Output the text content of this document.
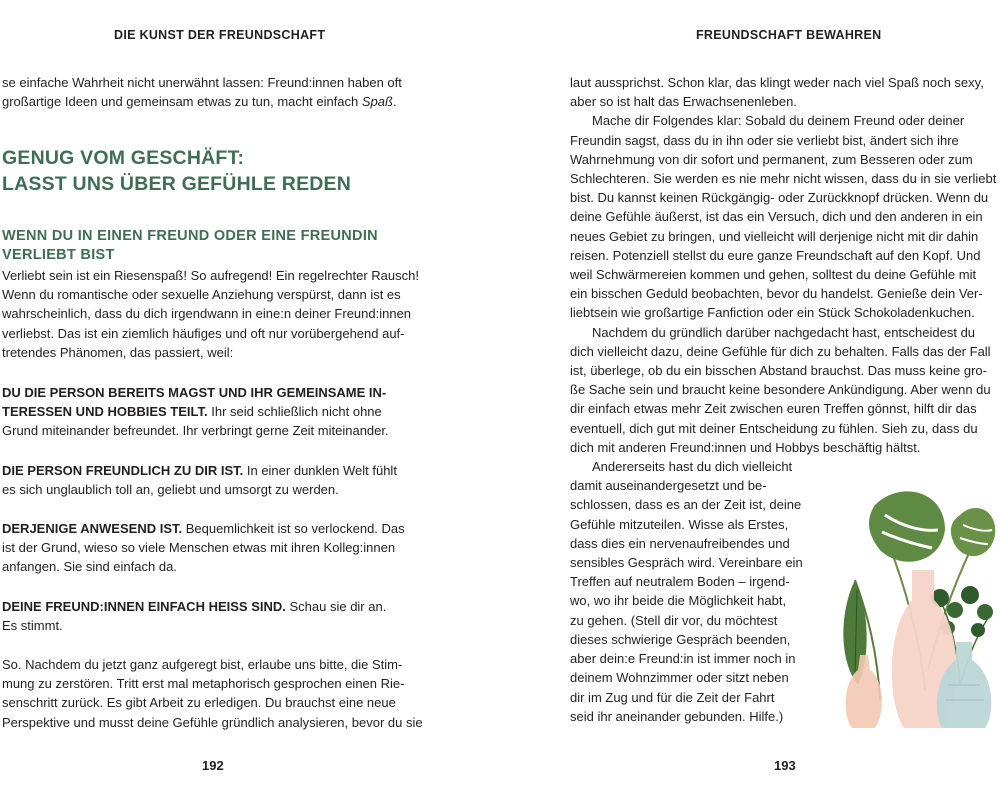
DIE KUNST DER FREUNDSCHAFT
se einfache Wahrheit nicht unerwähnt lassen: Freund:innen haben oft
großartige Ideen und gemeinsam etwas zu tun, macht einfach Spaß.
GENUG VOM GESCHÄFT:
LASST UNS ÜBER GEFÜHLE REDEN
WENN DU IN EINEN FREUND ODER EINE FREUNDIN
VERLIEBT BIST
Verliebt sein ist ein Riesenspaß! So aufregend! Ein regelrechter Rausch!
Wenn du romantische oder sexuelle Anziehung verspürst, dann ist es
wahrscheinlich, dass du dich irgendwann in eine:n deiner Freund:innen
verliebst. Das ist ein ziemlich häufiges und oft nur vorübergehend auf-
tretendes Phänomen, das passiert, weil:
DU DIE PERSON BEREITS MAGST UND IHR GEMEINSAME IN-
TERESSEN UND HOBBIES TEILT. Ihr seid schließlich nicht ohne
Grund miteinander befreundet. Ihr verbringt gerne Zeit miteinander.
DIE PERSON FREUNDLICH ZU DIR IST. In einer dunklen Welt fühlt
es sich unglaublich toll an, geliebt und umsorgt zu werden.
DERJENIGE ANWESEND IST. Bequemlichkeit ist so verlockend. Das
ist der Grund, wieso so viele Menschen etwas mit ihren Kolleg:innen
anfangen. Sie sind einfach da.
DEINE FREUND:INNEN EINFACH HEISS SIND. Schau sie dir an.
Es stimmt.
So. Nachdem du jetzt ganz aufgeregt bist, erlaube uns bitte, die Stim-
mung zu zerstören. Tritt erst mal metaphorisch gesprochen einen Rie-
senschritt zurück. Es gibt Arbeit zu erledigen. Du brauchst eine neue
Perspektive und musst deine Gefühle gründlich analysieren, bevor du sie
192
FREUNDSCHAFT BEWAHREN
laut aussprichst. Schon klar, das klingt weder nach viel Spaß noch sexy,
aber so ist halt das Erwachsenenleben.
Mache dir Folgendes klar: Sobald du deinem Freund oder deiner
Freundin sagst, dass du in ihn oder sie verliebt bist, ändert sich ihre
Wahrnehmung von dir sofort und permanent, zum Besseren oder zum
Schlechteren. Sie werden es nie mehr nicht wissen, dass du in sie verliebt
bist. Du kannst keinen Rückgängig- oder Zurückknopf drücken. Wenn du
deine Gefühle äußerst, ist das ein Versuch, dich und den anderen in ein
neues Gebiet zu bringen, und vielleicht will derjenige nicht mit dir dahin
reisen. Potenziell stellst du eure ganze Freundschaft auf den Kopf. Und
weil Schwärmereien kommen und gehen, solltest du deine Gefühle mit
ein bisschen Geduld beobachten, bevor du handelst. Genieße dein Ver-
liebtsein wie großartige Fanfiction oder ein Stück Schokoladenkuchen.
Nachdem du gründlich darüber nachgedacht hast, entscheidest du
dich vielleicht dazu, deine Gefühle für dich zu behalten. Falls das der Fall
ist, überlege, ob du ein bisschen Abstand brauchst. Das muss keine gro-
ße Sache sein und braucht keine besondere Ankündigung. Aber wenn du
dir einfach etwas mehr Zeit zwischen euren Treffen gönnst, hilft dir das
eventuell, dich gut mit deiner Entscheidung zu fühlen. Sieh zu, dass du
dich mit anderen Freund:innen und Hobbys beschäftig hältst.
Andererseits hast du dich vielleicht
damit auseinandergesetzt und be-
schlossen, dass es an der Zeit ist, deine
Gefühle mitzuteilen. Wisse als Erstes,
dass dies ein nervenaufreibendes und
sensibles Gespräch wird. Vereinbare ein
Treffen auf neutralem Boden – irgend-
wo, wo ihr beide die Möglichkeit habt,
zu gehen. (Stell dir vor, du möchtest
dieses schwierige Gespräch beenden,
aber dein:e Freund:in ist immer noch in
deinem Wohnzimmer oder sitzt neben
dir im Zug und für die Zeit der Fahrt
seid ihr aneinander gebunden. Hilfe.)
193
